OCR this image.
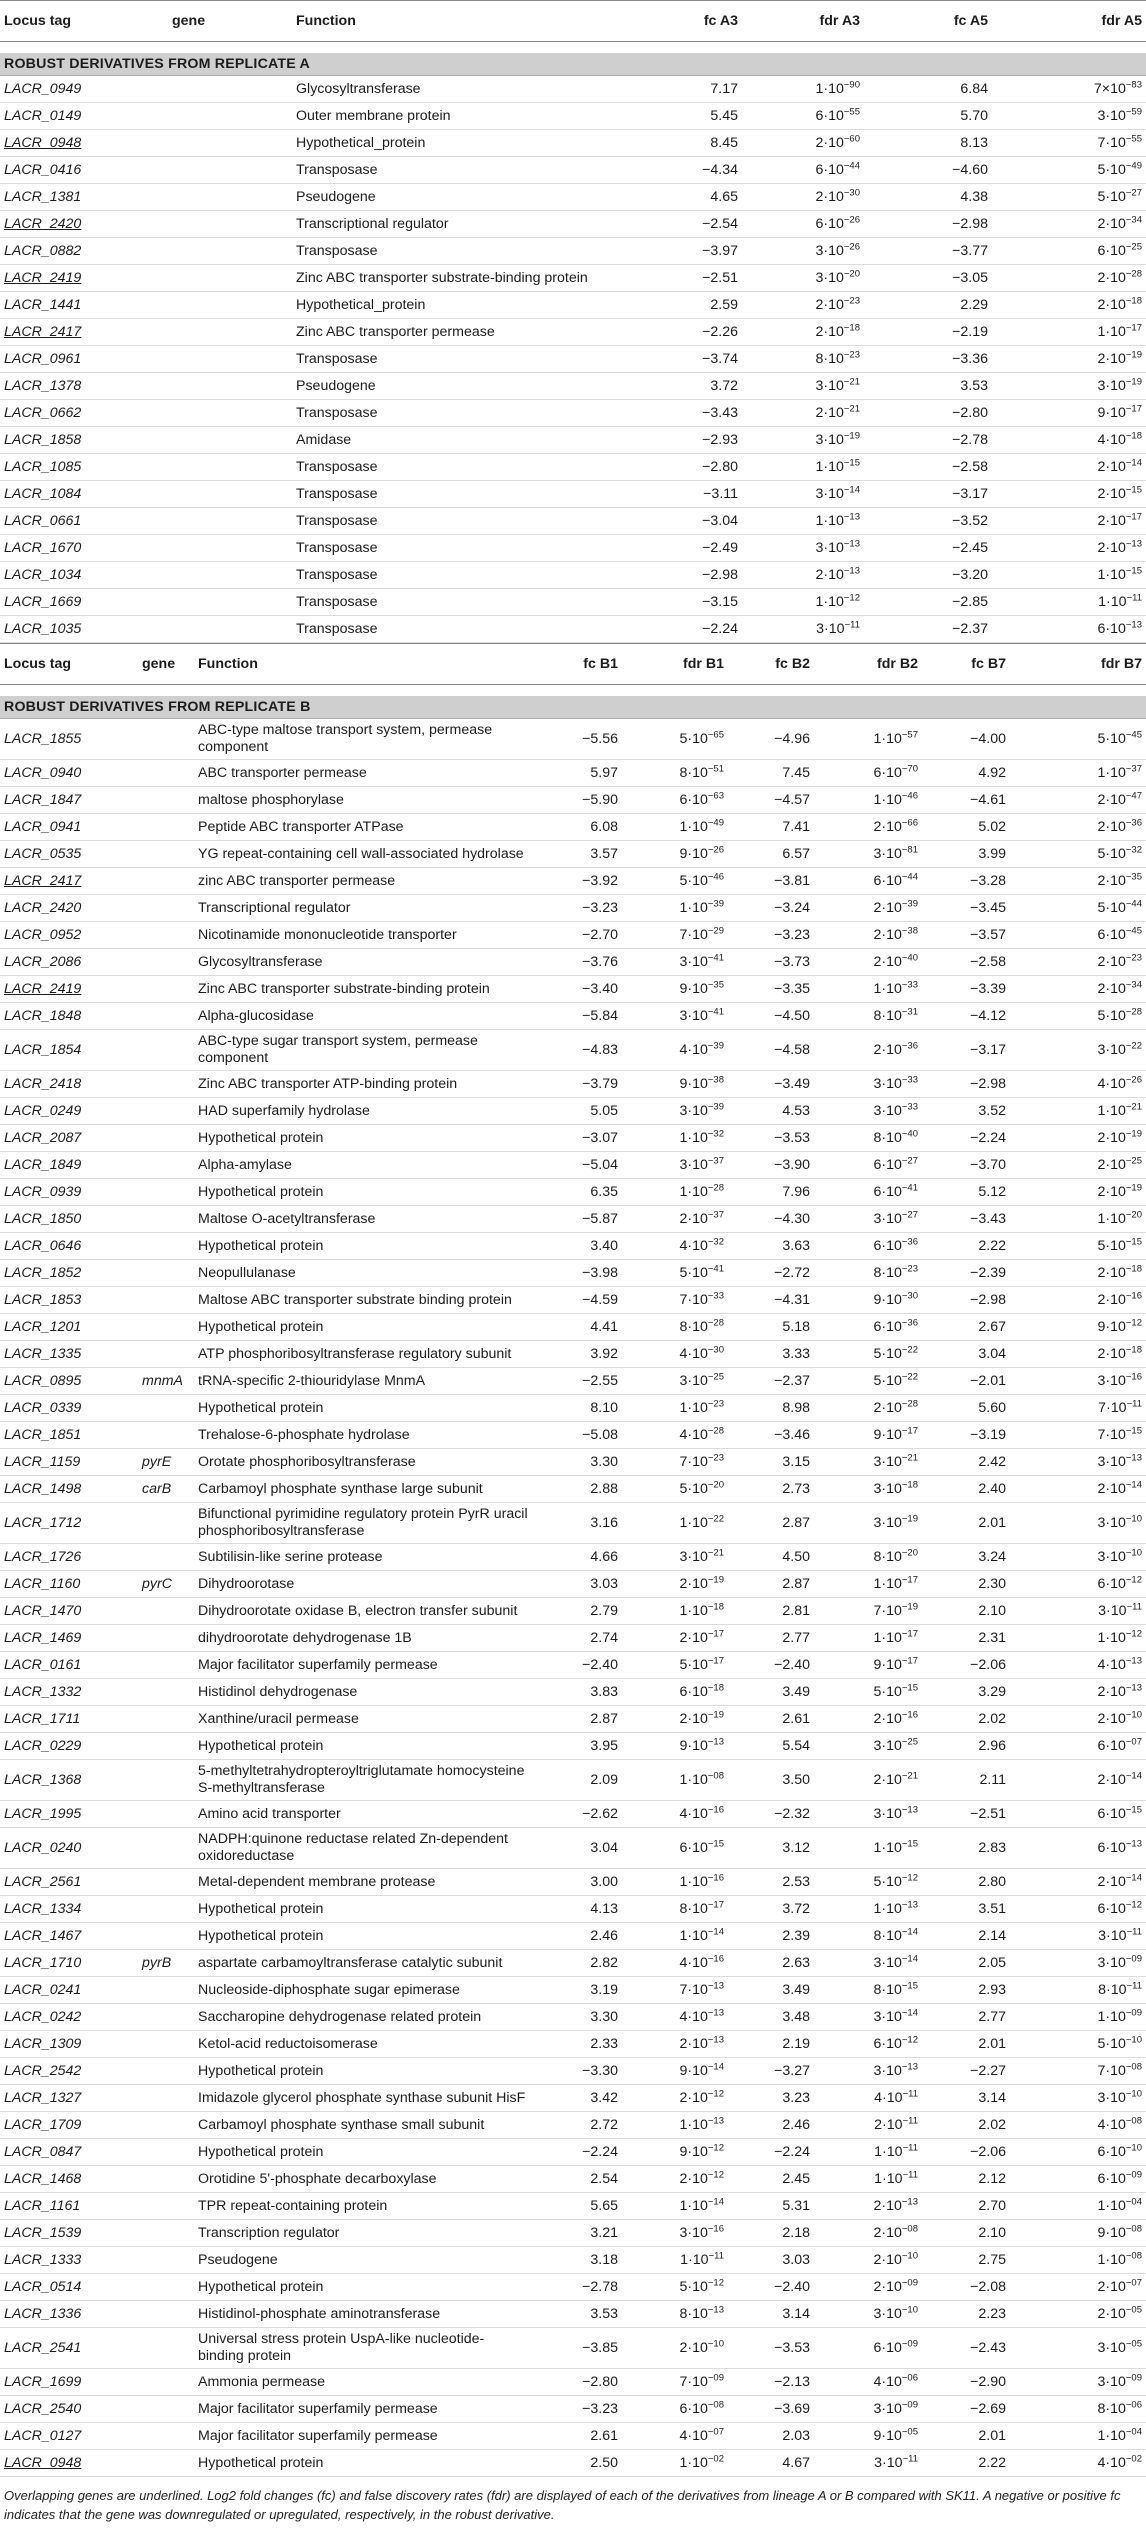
Locus tag	gene	Function	fc A3	fdr A3	fc A5	fdr A5

ROBUST DERIVATIVES FROM REPLICATE A						
LACR_0949		Glycosyltransferase	7.17	$1\cdot 10^{-90}$	6.84	$7\times 10^{-83}$
LACR_0149		Outer membrane protein	5.45	$6\cdot 10^{-55}$	5.70	$3\cdot 10^{-59}$
LACR_0948		Hypothetical_protein	8.45	$2\cdot 10^{-60}$	8.13	$7\cdot 10^{-55}$
LACR_0416		Transposase	−4.34	$6\cdot 10^{-44}$	−4.60	$5\cdot 10^{-49}$
LACR_1381		Pseudogene	4.65	$2\cdot 10^{-30}$	4.38	$5\cdot 10^{-27}$
LACR_2420		Transcriptional regulator	−2.54	$6\cdot 10^{-26}$	−2.98	$2\cdot 10^{-34}$
LACR_0882		Transposase	−3.97	$3\cdot 10^{-26}$	−3.77	$6\cdot 10^{-25}$
LACR_2419		Zinc ABC transporter substrate-binding protein	−2.51	$3\cdot 10^{-20}$	−3.05	$2\cdot 10^{-28}$
LACR_1441		Hypothetical_protein	2.59	$2\cdot 10^{-23}$	2.29	$2\cdot 10^{-18}$
LACR_2417		Zinc ABC transporter permease	−2.26	$2\cdot 10^{-18}$	−2.19	$1\cdot 10^{-17}$
LACR_0961		Transposase	−3.74	$8\cdot 10^{-23}$	−3.36	$2\cdot 10^{-19}$
LACR_1378		Pseudogene	3.72	$3\cdot 10^{-21}$	3.53	$3\cdot 10^{-19}$
LACR_0662		Transposase	−3.43	$2\cdot 10^{-21}$	−2.80	$9\cdot 10^{-17}$
LACR_1858		Amidase	−2.93	$3\cdot 10^{-19}$	−2.78	$4\cdot 10^{-18}$
LACR_1085		Transposase	−2.80	$1\cdot 10^{-15}$	−2.58	$2\cdot 10^{-14}$
LACR_1084		Transposase	−3.11	$3\cdot 10^{-14}$	−3.17	$2\cdot 10^{-15}$
LACR_0661		Transposase	−3.04	$1\cdot 10^{-13}$	−3.52	$2\cdot 10^{-17}$
LACR_1670		Transposase	−2.49	$3\cdot 10^{-13}$	−2.45	$2\cdot 10^{-13}$
LACR_1034		Transposase	−2.98	$2\cdot 10^{-13}$	−3.20	$1\cdot 10^{-15}$
LACR_1669		Transposase	−3.15	$1\cdot 10^{-12}$	−2.85	$1\cdot 10^{-11}$
LACR_1035		Transposase	−2.24	$3\cdot 10^{-11}$	−2.37	$6\cdot 10^{-13}$
Locus tag	gene	Function	fc B1	fdr B1	fc B2	fdr B2	fc B7	fdr B7

ROBUST DERIVATIVES FROM REPLICATE B								
LACR_1855		ABC-type maltose transport system, permease component	−5.56	$5\cdot 10^{-65}$	−4.96	$1\cdot 10^{-57}$	−4.00	$5\cdot 10^{-45}$
LACR_0940		ABC transporter permease	5.97	$8\cdot 10^{-51}$	7.45	$6\cdot 10^{-70}$	4.92	$1\cdot 10^{-37}$
LACR_1847		maltose phosphorylase	−5.90	$6\cdot 10^{-63}$	−4.57	$1\cdot 10^{-46}$	−4.61	$2\cdot 10^{-47}$
LACR_0941		Peptide ABC transporter ATPase	6.08	$1\cdot 10^{-49}$	7.41	$2\cdot 10^{-66}$	5.02	$2\cdot 10^{-36}$
LACR_0535		YG repeat-containing cell wall-associated hydrolase	3.57	$9\cdot 10^{-26}$	6.57	$3\cdot 10^{-81}$	3.99	$5\cdot 10^{-32}$
LACR_2417		zinc ABC transporter permease	−3.92	$5\cdot 10^{-46}$	−3.81	$6\cdot 10^{-44}$	−3.28	$2\cdot 10^{-35}$
LACR_2420		Transcriptional regulator	−3.23	$1\cdot 10^{-39}$	−3.24	$2\cdot 10^{-39}$	−3.45	$5\cdot 10^{-44}$
LACR_0952		Nicotinamide mononucleotide transporter	−2.70	$7\cdot 10^{-29}$	−3.23	$2\cdot 10^{-38}$	−3.57	$6\cdot 10^{-45}$
LACR_2086		Glycosyltransferase	−3.76	$3\cdot 10^{-41}$	−3.73	$2\cdot 10^{-40}$	−2.58	$2\cdot 10^{-23}$
LACR_2419		Zinc ABC transporter substrate-binding protein	−3.40	$9\cdot 10^{-35}$	−3.35	$1\cdot 10^{-33}$	−3.39	$2\cdot 10^{-34}$
LACR_1848		Alpha-glucosidase	−5.84	$3\cdot 10^{-41}$	−4.50	$8\cdot 10^{-31}$	−4.12	$5\cdot 10^{-28}$
LACR_1854		ABC-type sugar transport system, permease component	−4.83	$4\cdot 10^{-39}$	−4.58	$2\cdot 10^{-36}$	−3.17	$3\cdot 10^{-22}$
LACR_2418		Zinc ABC transporter ATP-binding protein	−3.79	$9\cdot 10^{-38}$	−3.49	$3\cdot 10^{-33}$	−2.98	$4\cdot 10^{-26}$
LACR_0249		HAD superfamily hydrolase	5.05	$3\cdot 10^{-39}$	4.53	$3\cdot 10^{-33}$	3.52	$1\cdot 10^{-21}$
LACR_2087		Hypothetical protein	−3.07	$1\cdot 10^{-32}$	−3.53	$8\cdot 10^{-40}$	−2.24	$2\cdot 10^{-19}$
LACR_1849		Alpha-amylase	−5.04	$3\cdot 10^{-37}$	−3.90	$6\cdot 10^{-27}$	−3.70	$2\cdot 10^{-25}$
LACR_0939		Hypothetical protein	6.35	$1\cdot 10^{-28}$	7.96	$6\cdot 10^{-41}$	5.12	$2\cdot 10^{-19}$
LACR_1850		Maltose O-acetyltransferase	−5.87	$2\cdot 10^{-37}$	−4.30	$3\cdot 10^{-27}$	−3.43	$1\cdot 10^{-20}$
LACR_0646		Hypothetical protein	3.40	$4\cdot 10^{-32}$	3.63	$6\cdot 10^{-36}$	2.22	$5\cdot 10^{-15}$
LACR_1852		Neopullulanase	−3.98	$5\cdot 10^{-41}$	−2.72	$8\cdot 10^{-23}$	−2.39	$2\cdot 10^{-18}$
LACR_1853		Maltose ABC transporter substrate binding protein	−4.59	$7\cdot 10^{-33}$	−4.31	$9\cdot 10^{-30}$	−2.98	$2\cdot 10^{-16}$
LACR_1201		Hypothetical protein	4.41	$8\cdot 10^{-28}$	5.18	$6\cdot 10^{-36}$	2.67	$9\cdot 10^{-12}$
LACR_1335		ATP phosphoribosyltransferase regulatory subunit	3.92	$4\cdot 10^{-30}$	3.33	$5\cdot 10^{-22}$	3.04	$2\cdot 10^{-18}$
LACR_0895	mnmA	tRNA-specific 2-thiouridylase MnmA	−2.55	$3\cdot 10^{-25}$	−2.37	$5\cdot 10^{-22}$	−2.01	$3\cdot 10^{-16}$
LACR_0339		Hypothetical protein	8.10	$1\cdot 10^{-23}$	8.98	$2\cdot 10^{-28}$	5.60	$7\cdot 10^{-11}$
LACR_1851		Trehalose-6-phosphate hydrolase	−5.08	$4\cdot 10^{-28}$	−3.46	$9\cdot 10^{-17}$	−3.19	$7\cdot 10^{-15}$
LACR_1159	pyrE	Orotate phosphoribosyltransferase	3.30	$7\cdot 10^{-23}$	3.15	$3\cdot 10^{-21}$	2.42	$3\cdot 10^{-13}$
LACR_1498	carB	Carbamoyl phosphate synthase large subunit	2.88	$5\cdot 10^{-20}$	2.73	$3\cdot 10^{-18}$	2.40	$2\cdot 10^{-14}$
LACR_1712		Bifunctional pyrimidine regulatory protein PyrR uracil phosphoribosyltransferase	3.16	$1\cdot 10^{-22}$	2.87	$3\cdot 10^{-19}$	2.01	$3\cdot 10^{-10}$
LACR_1726		Subtilisin-like serine protease	4.66	$3\cdot 10^{-21}$	4.50	$8\cdot 10^{-20}$	3.24	$3\cdot 10^{-10}$
LACR_1160	pyrC	Dihydroorotase	3.03	$2\cdot 10^{-19}$	2.87	$1\cdot 10^{-17}$	2.30	$6\cdot 10^{-12}$
LACR_1470		Dihydroorotate oxidase B, electron transfer subunit	2.79	$1\cdot 10^{-18}$	2.81	$7\cdot 10^{-19}$	2.10	$3\cdot 10^{-11}$
LACR_1469		dihydroorotate dehydrogenase 1B	2.74	$2\cdot 10^{-17}$	2.77	$1\cdot 10^{-17}$	2.31	$1\cdot 10^{-12}$
LACR_0161		Major facilitator superfamily permease	−2.40	$5\cdot 10^{-17}$	−2.40	$9\cdot 10^{-17}$	−2.06	$4\cdot 10^{-13}$
LACR_1332		Histidinol dehydrogenase	3.83	$6\cdot 10^{-18}$	3.49	$5\cdot 10^{-15}$	3.29	$2\cdot 10^{-13}$
LACR_1711		Xanthine/uracil permease	2.87	$2\cdot 10^{-19}$	2.61	$2\cdot 10^{-16}$	2.02	$2\cdot 10^{-10}$
LACR_0229		Hypothetical protein	3.95	$9\cdot 10^{-13}$	5.54	$3\cdot 10^{-25}$	2.96	$6\cdot 10^{-07}$
LACR_1368		5-methyltetrahydropteroyltriglutamate homocysteine S-methyltransferase	2.09	$1\cdot 10^{-08}$	3.50	$2\cdot 10^{-21}$	2.11	$2\cdot 10^{-14}$
LACR_1995		Amino acid transporter	−2.62	$4\cdot 10^{-16}$	−2.32	$3\cdot 10^{-13}$	−2.51	$6\cdot 10^{-15}$
LACR_0240		NADPH:quinone reductase related Zn-dependent oxidoreductase	3.04	$6\cdot 10^{-15}$	3.12	$1\cdot 10^{-15}$	2.83	$6\cdot 10^{-13}$
LACR_2561		Metal-dependent membrane protease	3.00	$1\cdot 10^{-16}$	2.53	$5\cdot 10^{-12}$	2.80	$2\cdot 10^{-14}$
LACR_1334		Hypothetical protein	4.13	$8\cdot 10^{-17}$	3.72	$1\cdot 10^{-13}$	3.51	$6\cdot 10^{-12}$
LACR_1467		Hypothetical protein	2.46	$1\cdot 10^{-14}$	2.39	$8\cdot 10^{-14}$	2.14	$3\cdot 10^{-11}$
LACR_1710	pyrB	aspartate carbamoyltransferase catalytic subunit	2.82	$4\cdot 10^{-16}$	2.63	$3\cdot 10^{-14}$	2.05	$3\cdot 10^{-09}$
LACR_0241		Nucleoside-diphosphate sugar epimerase	3.19	$7\cdot 10^{-13}$	3.49	$8\cdot 10^{-15}$	2.93	$8\cdot 10^{-11}$
LACR_0242		Saccharopine dehydrogenase related protein	3.30	$4\cdot 10^{-13}$	3.48	$3\cdot 10^{-14}$	2.77	$1\cdot 10^{-09}$
LACR_1309		Ketol-acid reductoisomerase	2.33	$2\cdot 10^{-13}$	2.19	$6\cdot 10^{-12}$	2.01	$5\cdot 10^{-10}$
LACR_2542		Hypothetical protein	−3.30	$9\cdot 10^{-14}$	−3.27	$3\cdot 10^{-13}$	−2.27	$7\cdot 10^{-08}$
LACR_1327		Imidazole glycerol phosphate synthase subunit HisF	3.42	$2\cdot 10^{-12}$	3.23	$4\cdot 10^{-11}$	3.14	$3\cdot 10^{-10}$
LACR_1709		Carbamoyl phosphate synthase small subunit	2.72	$1\cdot 10^{-13}$	2.46	$2\cdot 10^{-11}$	2.02	$4\cdot 10^{-08}$
LACR_0847		Hypothetical protein	−2.24	$9\cdot 10^{-12}$	−2.24	$1\cdot 10^{-11}$	−2.06	$6\cdot 10^{-10}$
LACR_1468		Orotidine 5'-phosphate decarboxylase	2.54	$2\cdot 10^{-12}$	2.45	$1\cdot 10^{-11}$	2.12	$6\cdot 10^{-09}$
LACR_1161		TPR repeat-containing protein	5.65	$1\cdot 10^{-14}$	5.31	$2\cdot 10^{-13}$	2.70	$1\cdot 10^{-04}$
LACR_1539		Transcription regulator	3.21	$3\cdot 10^{-16}$	2.18	$2\cdot 10^{-08}$	2.10	$9\cdot 10^{-08}$
LACR_1333		Pseudogene	3.18	$1\cdot 10^{-11}$	3.03	$2\cdot 10^{-10}$	2.75	$1\cdot 10^{-08}$
LACR_0514		Hypothetical protein	−2.78	$5\cdot 10^{-12}$	−2.40	$2\cdot 10^{-09}$	−2.08	$2\cdot 10^{-07}$
LACR_1336		Histidinol-phosphate aminotransferase	3.53	$8\cdot 10^{-13}$	3.14	$3\cdot 10^{-10}$	2.23	$2\cdot 10^{-05}$
LACR_2541		Universal stress protein UspA-like nucleotide-binding protein	−3.85	$2\cdot 10^{-10}$	−3.53	$6\cdot 10^{-09}$	−2.43	$3\cdot 10^{-05}$
LACR_1699		Ammonia permease	−2.80	$7\cdot 10^{-09}$	−2.13	$4\cdot 10^{-06}$	−2.90	$3\cdot 10^{-09}$
LACR_2540		Major facilitator superfamily permease	−3.23	$6\cdot 10^{-08}$	−3.69	$3\cdot 10^{-09}$	−2.69	$8\cdot 10^{-06}$
LACR_0127		Major facilitator superfamily permease	2.61	$4\cdot 10^{-07}$	2.03	$9\cdot 10^{-05}$	2.01	$1\cdot 10^{-04}$
LACR_0948		Hypothetical protein	2.50	$1\cdot 10^{-02}$	4.67	$3\cdot 10^{-11}$	2.22	$4\cdot 10^{-02}$
Overlapping genes are underlined. Log2 fold changes (fc) and false discovery rates (fdr) are displayed of each of the derivatives from lineage A or B compared with SK11. A negative or positive fc indicates that the gene was downregulated or upregulated, respectively, in the robust derivative.
